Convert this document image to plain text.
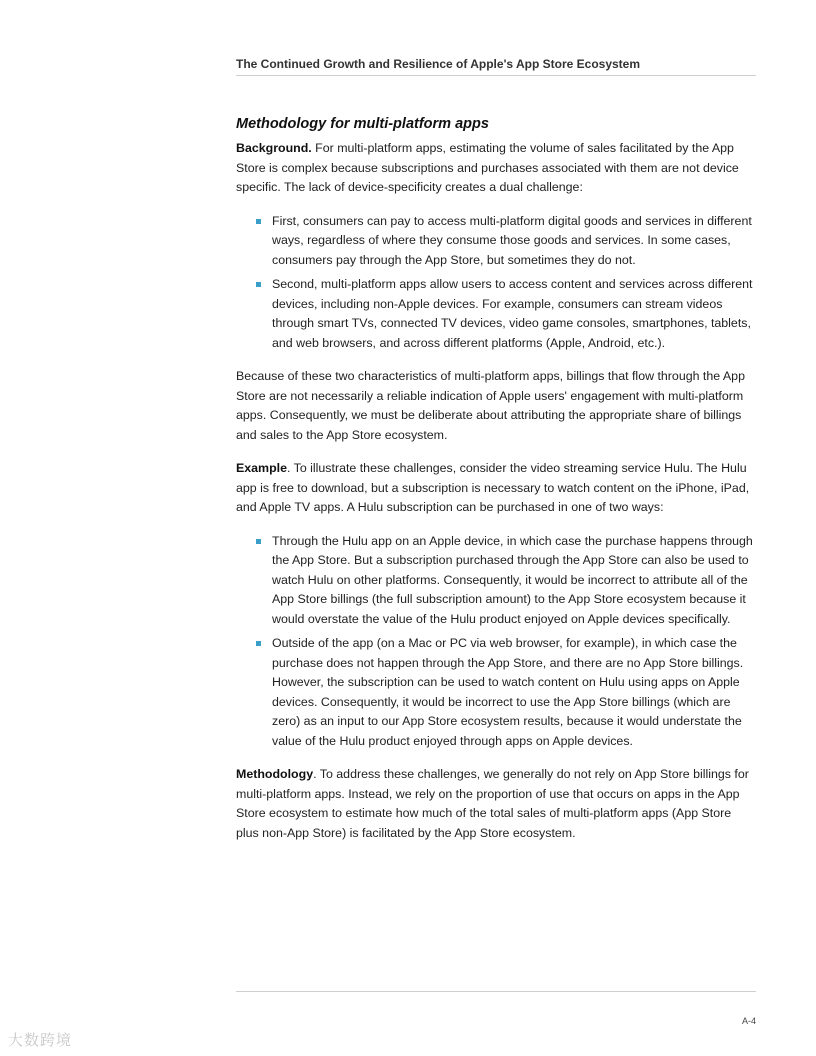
The Continued Growth and Resilience of Apple's App Store Ecosystem
Methodology for multi-platform apps

Background. For multi-platform apps, estimating the volume of sales facilitated by the App Store is complex because subscriptions and purchases associated with them are not device specific. The lack of device-specificity creates a dual challenge:

First, consumers can pay to access multi-platform digital goods and services in different ways, regardless of where they consume those goods and services. In some cases, consumers pay through the App Store, but sometimes they do not.
Second, multi-platform apps allow users to access content and services across different devices, including non-Apple devices. For example, consumers can stream videos through smart TVs, connected TV devices, video game consoles, smartphones, tablets, and web browsers, and across different platforms (Apple, Android, etc.).

Because of these two characteristics of multi-platform apps, billings that flow through the App Store are not necessarily a reliable indication of Apple users' engagement with multi-platform apps. Consequently, we must be deliberate about attributing the appropriate share of billings and sales to the App Store ecosystem.

Example. To illustrate these challenges, consider the video streaming service Hulu. The Hulu app is free to download, but a subscription is necessary to watch content on the iPhone, iPad, and Apple TV apps. A Hulu subscription can be purchased in one of two ways:

Through the Hulu app on an Apple device, in which case the purchase happens through the App Store. But a subscription purchased through the App Store can also be used to watch Hulu on other platforms. Consequently, it would be incorrect to attribute all of the App Store billings (the full subscription amount) to the App Store ecosystem because it would overstate the value of the Hulu product enjoyed on Apple devices specifically.
Outside of the app (on a Mac or PC via web browser, for example), in which case the purchase does not happen through the App Store, and there are no App Store billings. However, the subscription can be used to watch content on Hulu using apps on Apple devices. Consequently, it would be incorrect to use the App Store billings (which are zero) as an input to our App Store ecosystem results, because it would understate the value of the Hulu product enjoyed through apps on Apple devices.

Methodology. To address these challenges, we generally do not rely on App Store billings for multi-platform apps. Instead, we rely on the proportion of use that occurs on apps in the App Store ecosystem to estimate how much of the total sales of multi-platform apps (App Store plus non-App Store) is facilitated by the App Store ecosystem.

A-4
大数跨境
